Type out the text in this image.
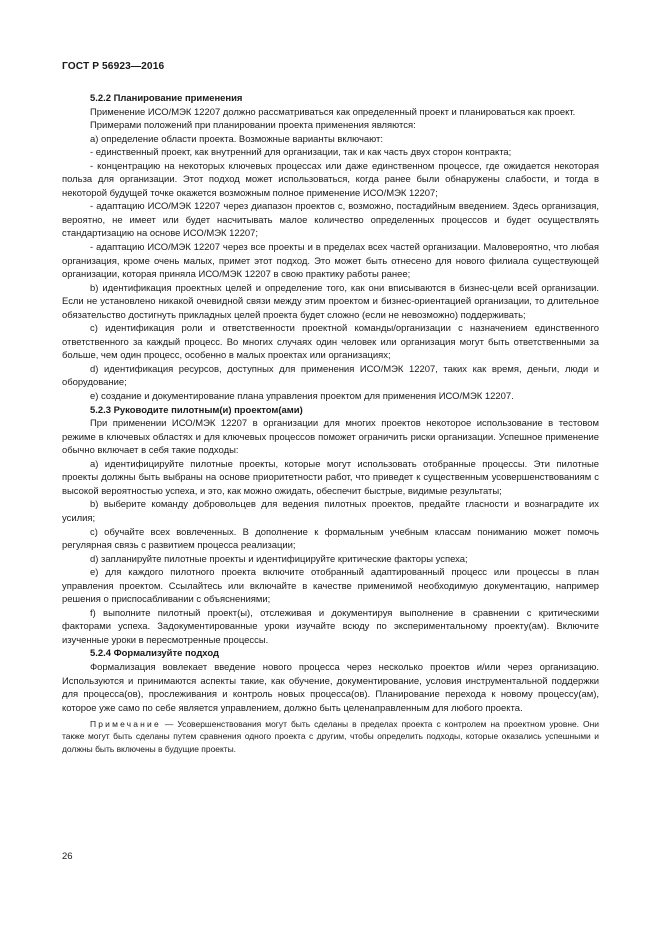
ГОСТ Р 56923—2016

5.2.2 Планирование применения

Применение ИСО/МЭК 12207 должно рассматриваться как определенный проект и планироваться как проект.

Примерами положений при планировании проекта применения являются:

а) определение области проекта. Возможные варианты включают:

- единственный проект, как внутренний для организации, так и как часть двух сторон контракта;

- концентрацию на некоторых ключевых процессах или даже единственном процессе, где ожидается некоторая польза для организации. Этот подход может использоваться, когда ранее были обнаружены слабости, и тогда в некоторой будущей точке окажется возможным полное применение ИСО/МЭК 12207;

- адаптацию ИСО/МЭК 12207 через диапазон проектов с, возможно, постадийным введением. Здесь организация, вероятно, не имеет или будет насчитывать малое количество определенных процессов и будет осуществлять стандартизацию на основе ИСО/МЭК 12207;

- адаптацию ИСО/МЭК 12207 через все проекты и в пределах всех частей организации. Маловероятно, что любая организация, кроме очень малых, примет этот подход. Это может быть отнесено для нового филиала существующей организации, которая приняла ИСО/МЭК 12207 в свою практику работы ранее;

b) идентификация проектных целей и определение того, как они вписываются в бизнес-цели всей организации. Если не установлено никакой очевидной связи между этим проектом и бизнес-ориентацией организации, то длительное обязательство достигнуть прикладных целей проекта будет сложно (если не невозможно) поддерживать;

с) идентификация роли и ответственности проектной команды/организации с назначением единственного ответственного за каждый процесс. Во многих случаях один человек или организация могут быть ответственными за больше, чем один процесс, особенно в малых проектах или организациях;

d) идентификация ресурсов, доступных для применения ИСО/МЭК 12207, таких как время, деньги, люди и оборудование;

е) создание и документирование плана управления проектом для применения ИСО/МЭК 12207.

5.2.3 Руководите пилотным(и) проектом(ами)

При применении ИСО/МЭК 12207 в организации для многих проектов некоторое использование в тестовом режиме в ключевых областях и для ключевых процессов поможет ограничить риски организации. Успешное применение обычно включает в себя такие подходы:

а) идентифицируйте пилотные проекты, которые могут использовать отобранные процессы. Эти пилотные проекты должны быть выбраны на основе приоритетности работ, что приведет к существенным усовершенствованиям с высокой вероятностью успеха, и это, как можно ожидать, обеспечит быстрые, видимые результаты;

b) выберите команду добровольцев для ведения пилотных проектов, предайте гласности и вознаградите их усилия;

с) обучайте всех вовлеченных. В дополнение к формальным учебным классам пониманию может помочь регулярная связь с развитием процесса реализации;

d) запланируйте пилотные проекты и идентифицируйте критические факторы успеха;

е) для каждого пилотного проекта включите отобранный адаптированный процесс или процессы в план управления проектом. Ссылайтесь или включайте в качестве применимой необходимую документацию, например решения о приспосабливании с объяснениями;

f) выполните пилотный проект(ы), отслеживая и документируя выполнение в сравнении с критическими факторами успеха. Задокументированные уроки изучайте всюду по экспериментальному проекту(ам). Включите изученные уроки в пересмотренные процессы.

5.2.4 Формализуйте подход

Формализация вовлекает введение нового процесса через несколько проектов и/или через организацию. Используются и принимаются аспекты такие, как обучение, документирование, условия инструментальной поддержки для процесса(ов), прослеживания и контроль новых процесса(ов). Планирование перехода к новому процессу(ам), которое уже само по себе является управлением, должно быть целенаправленным для любого проекта.

Примечание — Усовершенствования могут быть сделаны в пределах проекта с контролем на проектном уровне. Они также могут быть сделаны путем сравнения одного проекта с другим, чтобы определить подходы, которые оказались успешными и должны быть включены в будущие проекты.

26
